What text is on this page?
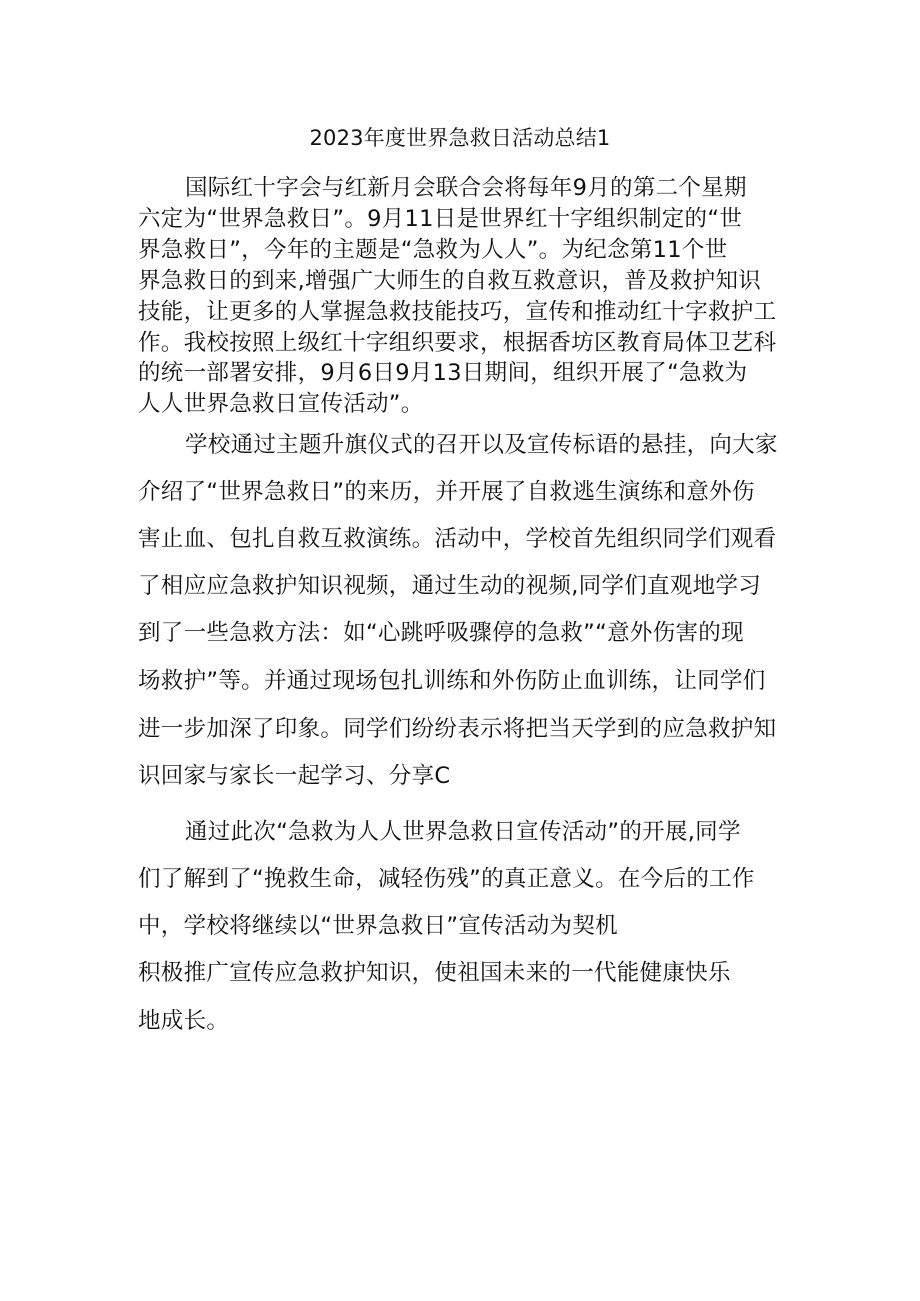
2023年度世界急救日活动总结1
国际红十字会与红新月会联合会将每年9月的第二个星期
六定为“世界急救日”。9月11日是世界红十字组织制定的“世
界急救日”，今年的主题是“急救为人人”。为纪念第11个世
界急救日的到来,增强广大师生的自救互救意识，普及救护知识
技能，让更多的人掌握急救技能技巧，宣传和推动红十字救护工
作。我校按照上级红十字组织要求，根据香坊区教育局体卫艺科
的统一部署安排，9月6日9月13日期间，组织开展了“急救为
人人世界急救日宣传活动”。
学校通过主题升旗仪式的召开以及宣传标语的悬挂，向大家
介绍了“世界急救日”的来历，并开展了自救逃生演练和意外伤
害止血、包扎自救互救演练。活动中，学校首先组织同学们观看
了相应应急救护知识视频，通过生动的视频,同学们直观地学习
到了一些急救方法：如“心跳呼吸骤停的急救”“意外伤害的现
场救护”等。并通过现场包扎训练和外伤防止血训练，让同学们
进一步加深了印象。同学们纷纷表示将把当天学到的应急救护知
识回家与家长一起学习、分享C
通过此次“急救为人人世界急救日宣传活动”的开展,同学
们了解到了“挽救生命，减轻伤残”的真正意义。在今后的工作
中，学校将继续以“世界急救日”宣传活动为契机
积极推广宣传应急救护知识，使祖国未来的一代能健康快乐
地成长。
